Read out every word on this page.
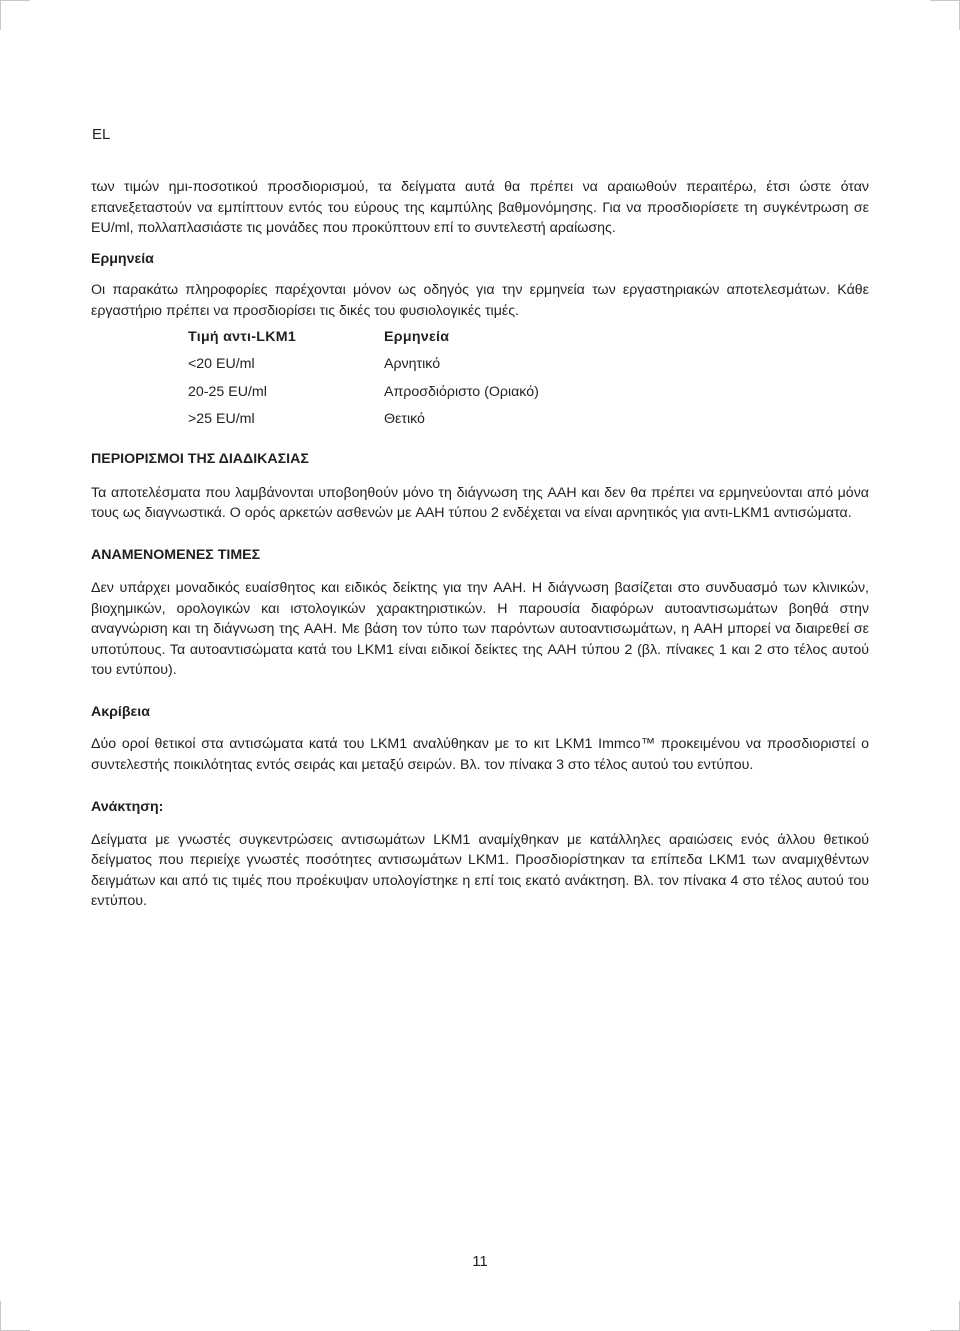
EL

των τιμών ημι-ποσοτικού προσδιορισμού, τα δείγματα αυτά θα πρέπει να αραιωθούν περαιτέρω, έτσι ώστε όταν επανεξεταστούν να εμπίπτουν εντός του εύρους της καμπύλης βαθμονόμησης. Για να προσδιορίσετε τη συγκέντρωση σε EU/ml, πολλαπλασιάστε τις μονάδες που προκύπτουν επί το συντελεστή αραίωσης.

Ερμηνεία

Οι παρακάτω πληροφορίες παρέχονται μόνον ως οδηγός για την ερμηνεία των εργαστηριακών αποτελεσμάτων. Κάθε εργαστήριο πρέπει να προσδιορίσει τις δικές του φυσιολογικές τιμές.

Τιμή αντι-LKM1	Ερμηνεία
<20 EU/ml	Αρνητικό
20-25 EU/ml	Απροσδιόριστο (Οριακό)
>25 EU/ml	Θετικό
ΠΕΡΙΟΡΙΣΜΟΙ ΤΗΣ ΔΙΑΔΙΚΑΣΙΑΣ

Τα αποτελέσματα που λαμβάνονται υποβοηθούν μόνο τη διάγνωση της AAH και δεν θα πρέπει να ερμηνεύονται από μόνα τους ως διαγνωστικά. Ο ορός αρκετών ασθενών με AAH τύπου 2 ενδέχεται να είναι αρνητικός για αντι-LKM1 αντισώματα.

ΑΝΑΜΕΝΟΜΕΝΕΣ ΤΙΜΕΣ

Δεν υπάρχει μοναδικός ευαίσθητος και ειδικός δείκτης για την AAH. Η διάγνωση βασίζεται στο συνδυασμό των κλινικών, βιοχημικών, ορολογικών και ιστολογικών χαρακτηριστικών. Η παρουσία διαφόρων αυτοαντισωμάτων βοηθά στην αναγνώριση και τη διάγνωση της AAH. Με βάση τον τύπο των παρόντων αυτοαντισωμάτων, η AAH μπορεί να διαιρεθεί σε υποτύπους. Τα αυτοαντισώματα κατά του LKM1 είναι ειδικοί δείκτες της AAH τύπου 2 (βλ. πίνακες 1 και 2 στο τέλος αυτού του εντύπου).

Ακρίβεια

Δύο οροί θετικοί στα αντισώματα κατά του LKM1 αναλύθηκαν με το κιτ LKM1 Immco™ προκειμένου να προσδιοριστεί ο συντελεστής ποικιλότητας εντός σειράς και μεταξύ σειρών. Βλ. τον πίνακα 3 στο τέλος αυτού του εντύπου.

Ανάκτηση:

Δείγματα με γνωστές συγκεντρώσεις αντισωμάτων LKM1 αναμίχθηκαν με κατάλληλες αραιώσεις ενός άλλου θετικού δείγματος που περιείχε γνωστές ποσότητες αντισωμάτων LKM1. Προσδιορίστηκαν τα επίπεδα LKM1 των αναμιχθέντων δειγμάτων και από τις τιμές που προέκυψαν υπολογίστηκε η επί τοις εκατό ανάκτηση. Βλ. τον πίνακα 4 στο τέλος αυτού του εντύπου.

11
